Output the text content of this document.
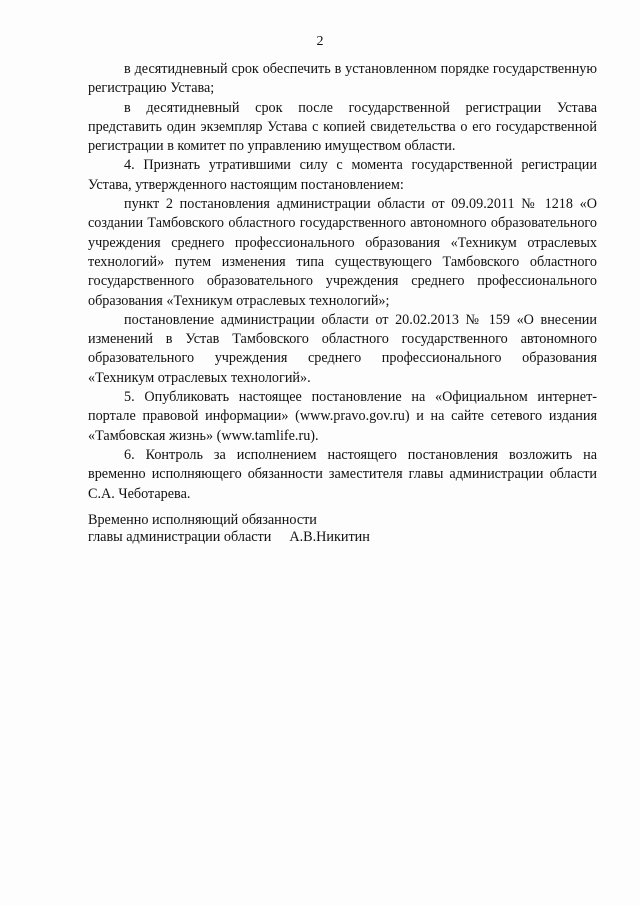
2

в десятидневный срок обеспечить в установленном порядке государственную регистрацию Устава;

в десятидневный срок после государственной регистрации Устава представить один экземпляр Устава с копией свидетельства о его государственной регистрации в комитет по управлению имуществом области.

4. Признать утратившими силу с момента государственной регистрации Устава, утвержденного настоящим постановлением:

пункт 2 постановления администрации области от 09.09.2011 № 1218 «О создании Тамбовского областного государственного автономного образовательного учреждения среднего профессионального образования «Техникум отраслевых технологий» путем изменения типа существующего Тамбовского областного государственного образовательного учреждения среднего профессионального образования «Техникум отраслевых технологий»;

постановление администрации области от 20.02.2013 № 159 «О внесении изменений в Устав Тамбовского областного государственного автономного образовательного учреждения среднего профессионального образования «Техникум отраслевых технологий».

5. Опубликовать настоящее постановление на «Официальном интернет-портале правовой информации» (www.pravo.gov.ru) и на сайте сетевого издания «Тамбовская жизнь» (www.tamlife.ru).

6. Контроль за исполнением настоящего постановления возложить на временно исполняющего обязанности заместителя главы администрации области С.А. Чеботарева.

Временно исполняющий обязанности

главы администрации области А.В.Никитин
